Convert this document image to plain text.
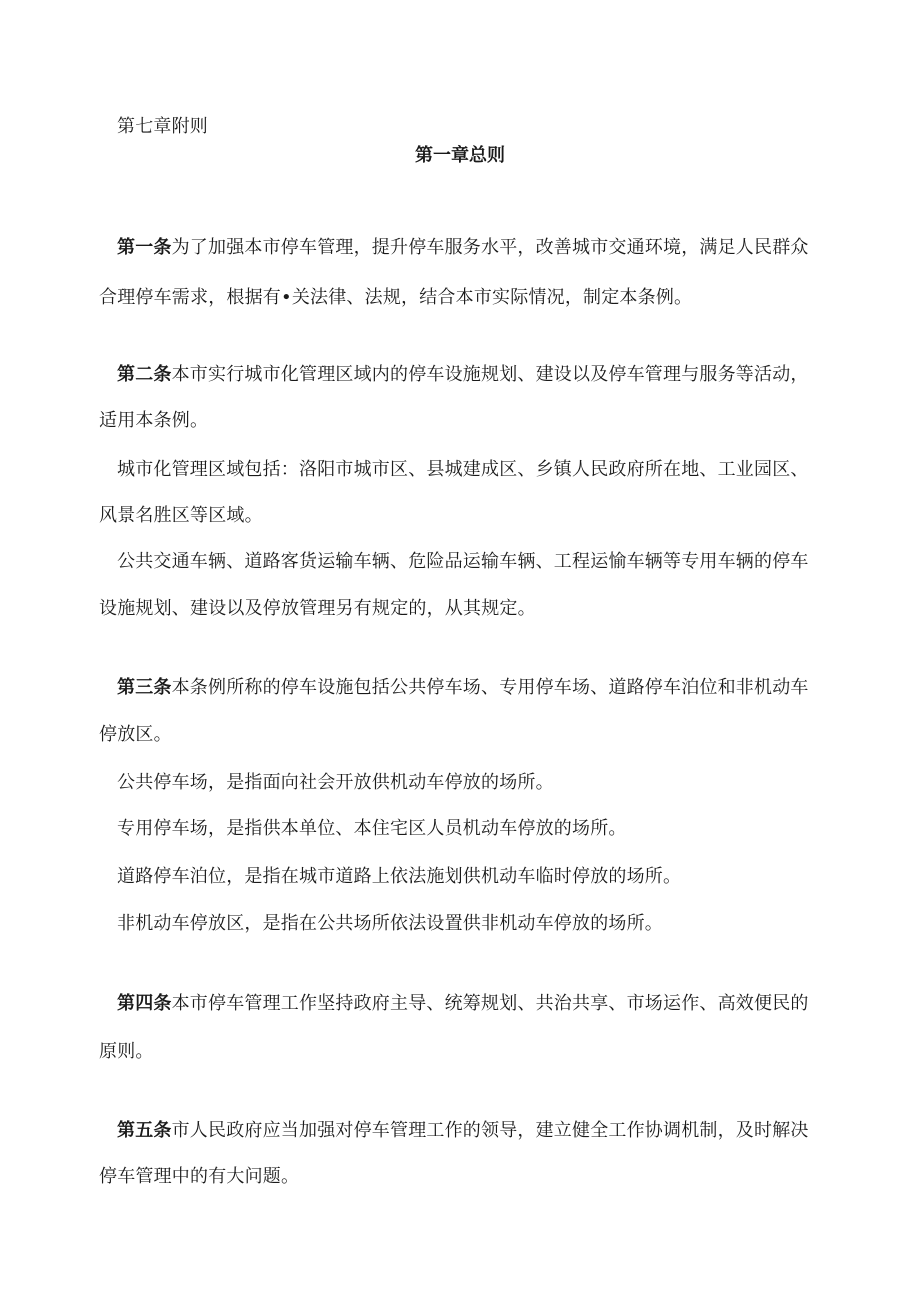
第七章附则
第一章总则
第一条为了加强本市停车管理，提升停车服务水平，改善城市交通环境，满足人民群众
合理停车需求，根据有•关法律、法规，结合本市实际情况，制定本条例。
第二条本市实行城市化管理区域内的停车设施规划、建设以及停车管理与服务等活动，
适用本条例。
城市化管理区域包括：洛阳市城市区、县城建成区、乡镇人民政府所在地、工业园区、
风景名胜区等区域。
公共交通车辆、道路客货运输车辆、危险品运输车辆、工程运愉车辆等专用车辆的停车
设施规划、建设以及停放管理另有规定的，从其规定。
第三条本条例所称的停车设施包括公共停车场、专用停车场、道路停车泊位和非机动车
停放区。
公共停车场，是指面向社会开放供机动车停放的场所。
专用停车场，是指供本单位、本住宅区人员机动车停放的场所。
道路停车泊位，是指在城市道路上依法施划供机动车临时停放的场所。
非机动车停放区，是指在公共场所依法设置供非机动车停放的场所。
第四条本市停车管理工作坚持政府主导、统筹规划、共治共享、市场运作、高效便民的
原则。
第五条市人民政府应当加强对停车管理工作的领导，建立健全工作协调机制，及时解决
停车管理中的有大问题。
